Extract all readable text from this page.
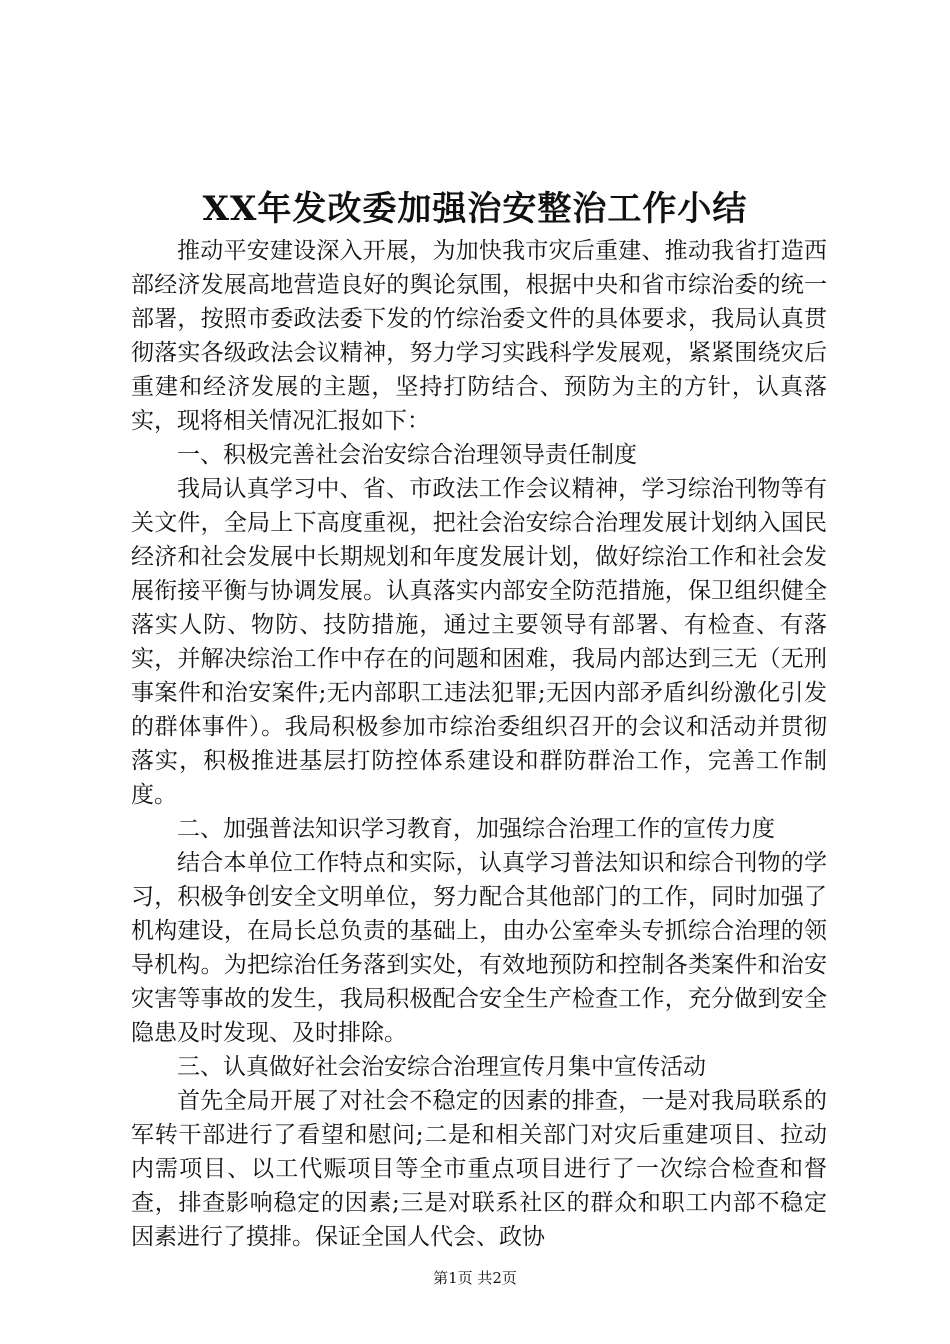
XX年发改委加强治安整治工作小结

推动平安建设深入开展，为加快我市灾后重建、推动我省打造西部经济发展高地营造良好的舆论氛围，根据中央和省市综治委的统一部署，按照市委政法委下发的竹综治委文件的具体要求，我局认真贯彻落实各级政法会议精神，努力学习实践科学发展观，紧紧围绕灾后重建和经济发展的主题，坚持打防结合、预防为主的方针，认真落实，现将相关情况汇报如下：

一、积极完善社会治安综合治理领导责任制度

我局认真学习中、省、市政法工作会议精神，学习综治刊物等有关文件，全局上下高度重视，把社会治安综合治理发展计划纳入国民经济和社会发展中长期规划和年度发展计划，做好综治工作和社会发展衔接平衡与协调发展。认真落实内部安全防范措施，保卫组织健全落实人防、物防、技防措施，通过主要领导有部署、有检查、有落实，并解决综治工作中存在的问题和困难，我局内部达到三无（无刑事案件和治安案件;无内部职工违法犯罪;无因内部矛盾纠纷激化引发的群体事件）。我局积极参加市综治委组织召开的会议和活动并贯彻落实，积极推进基层打防控体系建设和群防群治工作，完善工作制度。

二、加强普法知识学习教育，加强综合治理工作的宣传力度

结合本单位工作特点和实际，认真学习普法知识和综合刊物的学习，积极争创安全文明单位，努力配合其他部门的工作，同时加强了机构建设，在局长总负责的基础上，由办公室牵头专抓综合治理的领导机构。为把综治任务落到实处，有效地预防和控制各类案件和治安灾害等事故的发生，我局积极配合安全生产检查工作，充分做到安全隐患及时发现、及时排除。

三、认真做好社会治安综合治理宣传月集中宣传活动

首先全局开展了对社会不稳定的因素的排查，一是对我局联系的军转干部进行了看望和慰问;二是和相关部门对灾后重建项目、拉动内需项目、以工代赈项目等全市重点项目进行了一次综合检查和督查，排查影响稳定的因素;三是对联系社区的群众和职工内部不稳定因素进行了摸排。保证全国人代会、政协

第1页 共2页
